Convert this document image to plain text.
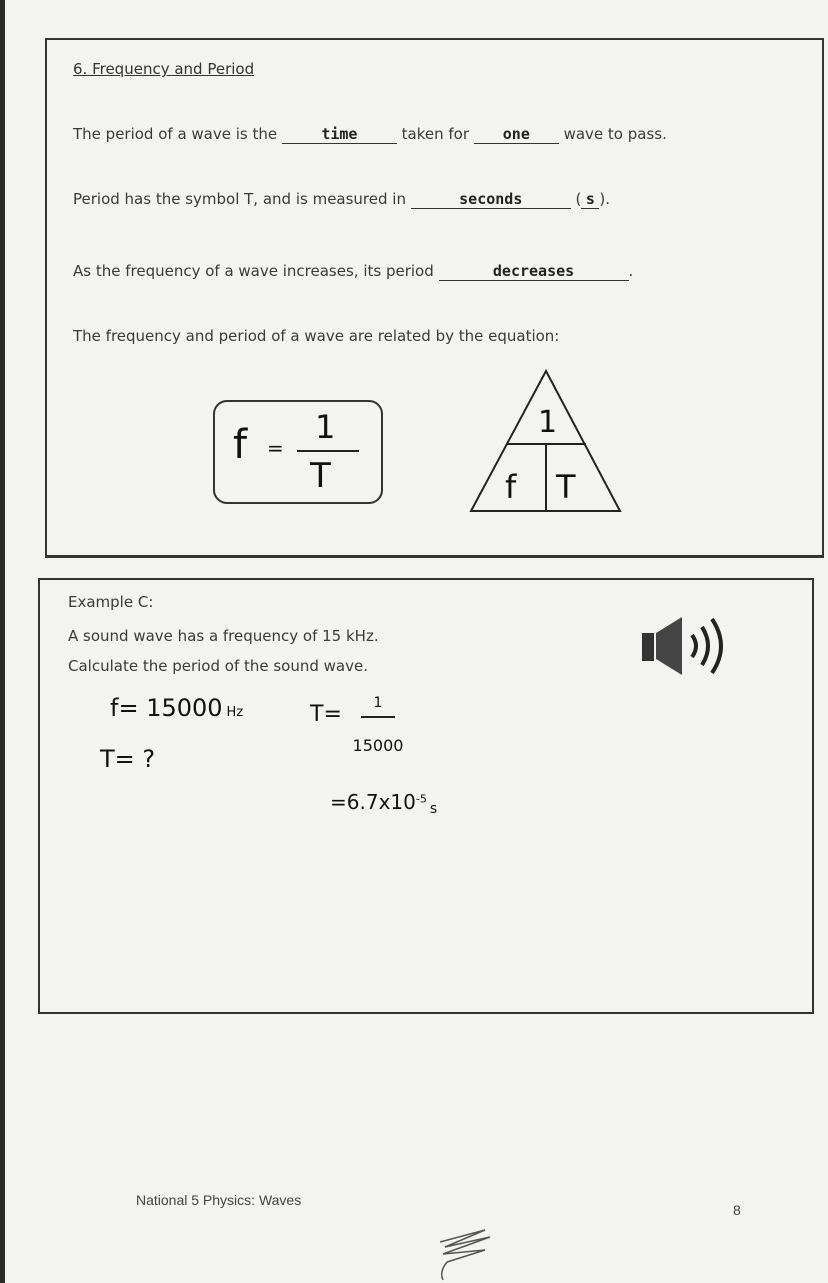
6. Frequency and Period
The period of a wave is the	time	taken for one wave to pass.
Period has the symbol T, and is measured in	seconds	( s ).
As the frequency of a wave increases, its period	decreases	.
The frequency and period of a wave are related by the equation:
f =
1
T
1
f T
Example C:
A sound wave has a frequency of 15 kHz.
Calculate the period of the sound wave.
f= 15000 Hz
T= ?
T= 1
15000
$=6.7x10^{-5}_s$
National 5 Physics: Waves
8
